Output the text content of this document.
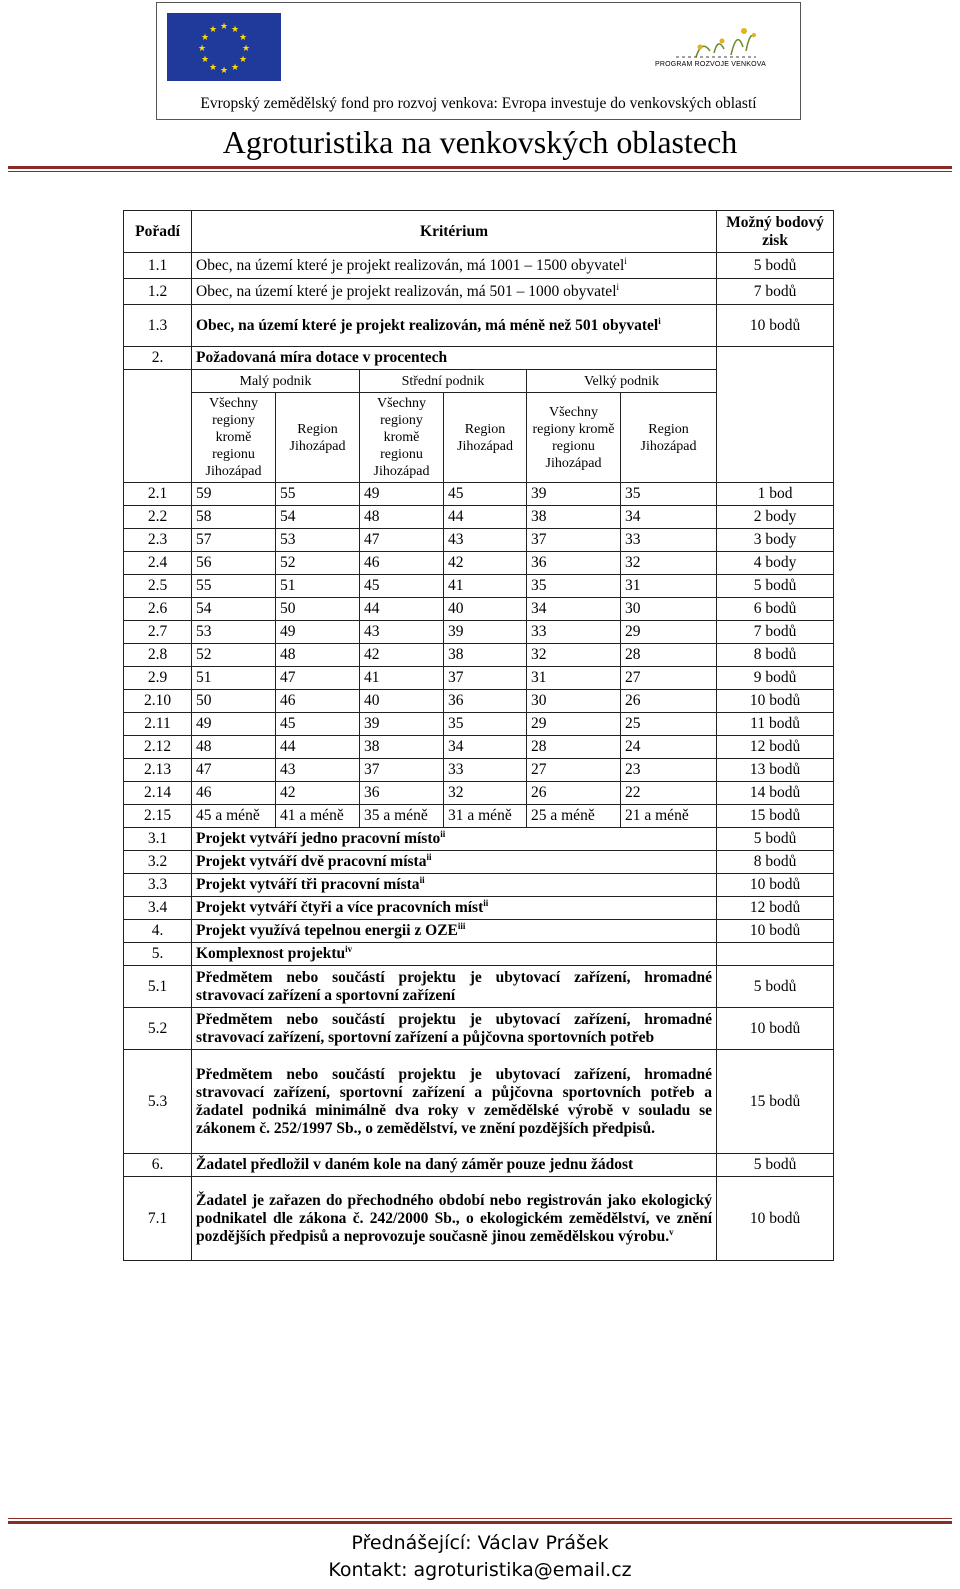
★ ★
★
★
★
★
★
★
★
★
★
★
PROGRAM ROZVOJE VENKOVA
Evropský zemědělský fond pro rozvoj venkova: Evropa investuje do venkovských oblastí
Agroturistika na venkovských oblastech
Pořadí	Kritérium						Možný bodový zisk
1.1	Obec, na území které je projekt realizován, má 1001 – 1500 obyvatel$^i$						5 bodů
1.2	Obec, na území které je projekt realizován, má 501 – 1000 obyvatel$^i$						7 bodů
1.3	Obec, na území které je projekt realizován, má méně než 501 obyvatel$^i$						10 bodů
2.	Požadovaná míra dotace v procentech						
	Malý podnik		Střední podnik		Velký podnik		
	Všechny regiony kromě regionu Jihozápad	Region Jihozápad	Všechny regiony kromě regionu Jihozápad	Region Jihozápad	Všechny regiony kromě regionu Jihozápad	Region Jihozápad	
2.1	59	55	49	45	39	35	1 bod
2.2	58	54	48	44	38	34	2 body
2.3	57	53	47	43	37	33	3 body
2.4	56	52	46	42	36	32	4 body
2.5	55	51	45	41	35	31	5 bodů
2.6	54	50	44	40	34	30	6 bodů
2.7	53	49	43	39	33	29	7 bodů
2.8	52	48	42	38	32	28	8 bodů
2.9	51	47	41	37	31	27	9 bodů
2.10	50	46	40	36	30	26	10 bodů
2.11	49	45	39	35	29	25	11 bodů
2.12	48	44	38	34	28	24	12 bodů
2.13	47	43	37	33	27	23	13 bodů
2.14	46	42	36	32	26	22	14 bodů
2.15	45 a méně	41 a méně	35 a méně	31 a méně	25 a méně	21 a méně	15 bodů
3.1	Projekt vytváří jedno pracovní místo$^{ii}$						5 bodů
3.2	Projekt vytváří dvě pracovní místa$^{ii}$						8 bodů
3.3	Projekt vytváří tři pracovní místa$^{ii}$						10 bodů
3.4	Projekt vytváří čtyři a více pracovních míst$^{ii}$						12 bodů
4.	Projekt využívá tepelnou energii z OZE$^{iii}$						10 bodů
5.	Komplexnost projektu$^{iv}$	
5.1	Předmětem nebo součástí projektu je ubytovací zařízení, hromadné stravovací zařízení a sportovní zařízení						5 bodů
5.2	Předmětem nebo součástí projektu je ubytovací zařízení, hromadné stravovací zařízení, sportovní zařízení a půjčovna sportovních potřeb						10 bodů
5.3	Předmětem nebo součástí projektu je ubytovací zařízení, hromadné stravovací zařízení, sportovní zařízení a půjčovna sportovních potřeb a žadatel podniká minimálně dva roky v zemědělské výrobě v souladu se zákonem č. 252/1997 Sb., o zemědělství, ve znění pozdějších předpisů.						15 bodů
6.	Žadatel předložil v daném kole na daný záměr pouze jednu žádost						5 bodů
7.1	Žadatel je zařazen do přechodného období nebo registrován jako ekologický podnikatel dle zákona č. 242/2000 Sb., o ekologickém zemědělství, ve znění pozdějších předpisů a neprovozuje současně jinou zemědělskou výrobu.$^v$						10 bodů
Přednášející: Václav Prášek
Kontakt: agroturistika@email.cz
